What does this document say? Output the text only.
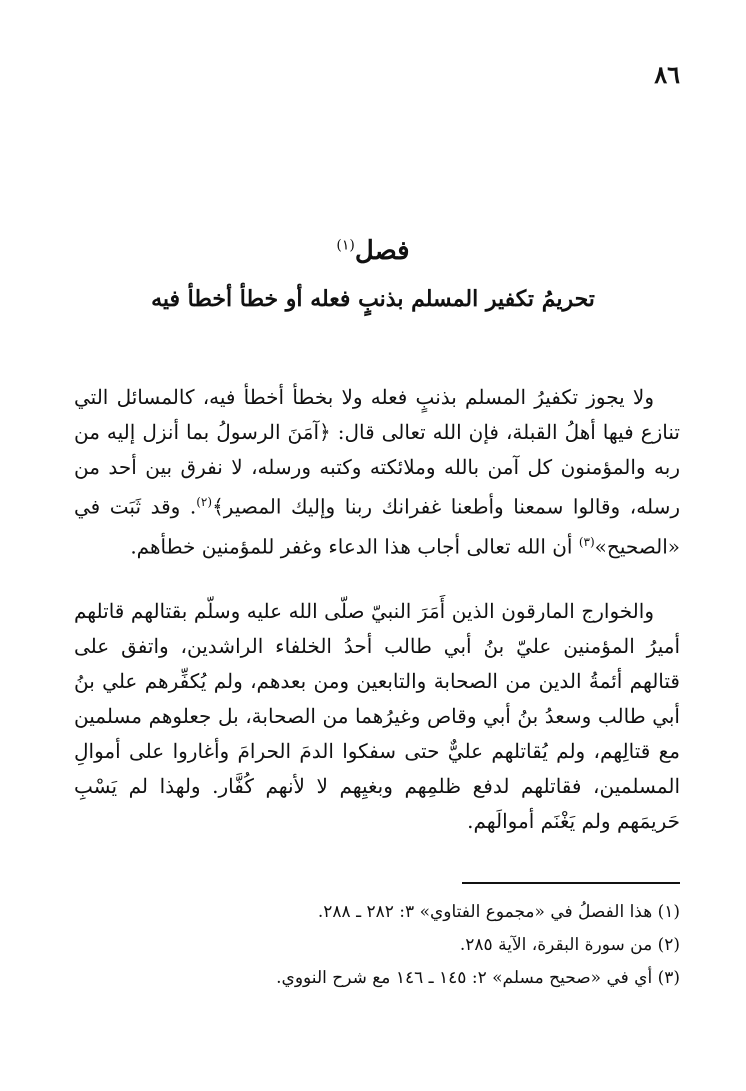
٨٦
فصل$^{(١)}$
تحريمُ تكفير المسلم بذنبٍ فعله أو خطأ أخطأ فيه

ولا يجوز تكفيرُ المسلم بذنبٍ فعله ولا بخطأ أخطأ فيه، كالمسائل التي تنازع فيها أهلُ القبلة، فإن الله تعالى قال: ﴿آمَنَ الرسولُ بما أنزل إليه من ربه والمؤمنون كل آمن بالله وملائكته وكتبه ورسله، لا نفرق بين أحد من رسله، وقالوا سمعنا وأطعنا غفرانك ربنا وإليك المصير﴾$^{(٢)}$. وقد ثَبَت في «الصحيح»$^{(٣)}$ أن الله تعالى أجاب هذا الدعاء وغفر للمؤمنين خطأهم.

والخوارج المارقون الذين أَمَرَ النبيّ صلّى الله عليه وسلّم بقتالهم قاتلهم أميرُ المؤمنين عليّ بنُ أبي طالب أحدُ الخلفاء الراشدين، واتفق على قتالهم أئمةُ الدين من الصحابة والتابعين ومن بعدهم، ولم يُكفِّرهم علي بنُ أبي طالب وسعدُ بنُ أبي وقاص وغيرُهما من الصحابة، بل جعلوهم مسلمين مع قتالِهم، ولم يُقاتلهم عليٌّ حتى سفكوا الدمَ الحرامَ وأغاروا على أموالِ المسلمين، فقاتلهم لدفع ظلمِهم وبغيِهم لا لأنهم كُفَّار. ولهذا لم يَسْبِ حَريمَهم ولم يَغْنَم أموالَهم.

(١) هذا الفصلُ في «مجموع الفتاوي» ٣: ٢٨٢ ـ ٢٨٨.
(٢) من سورة البقرة، الآية ٢٨٥.
(٣) أي في «صحيح مسلم» ٢: ١٤٥ ـ ١٤٦ مع شرح النووي.
